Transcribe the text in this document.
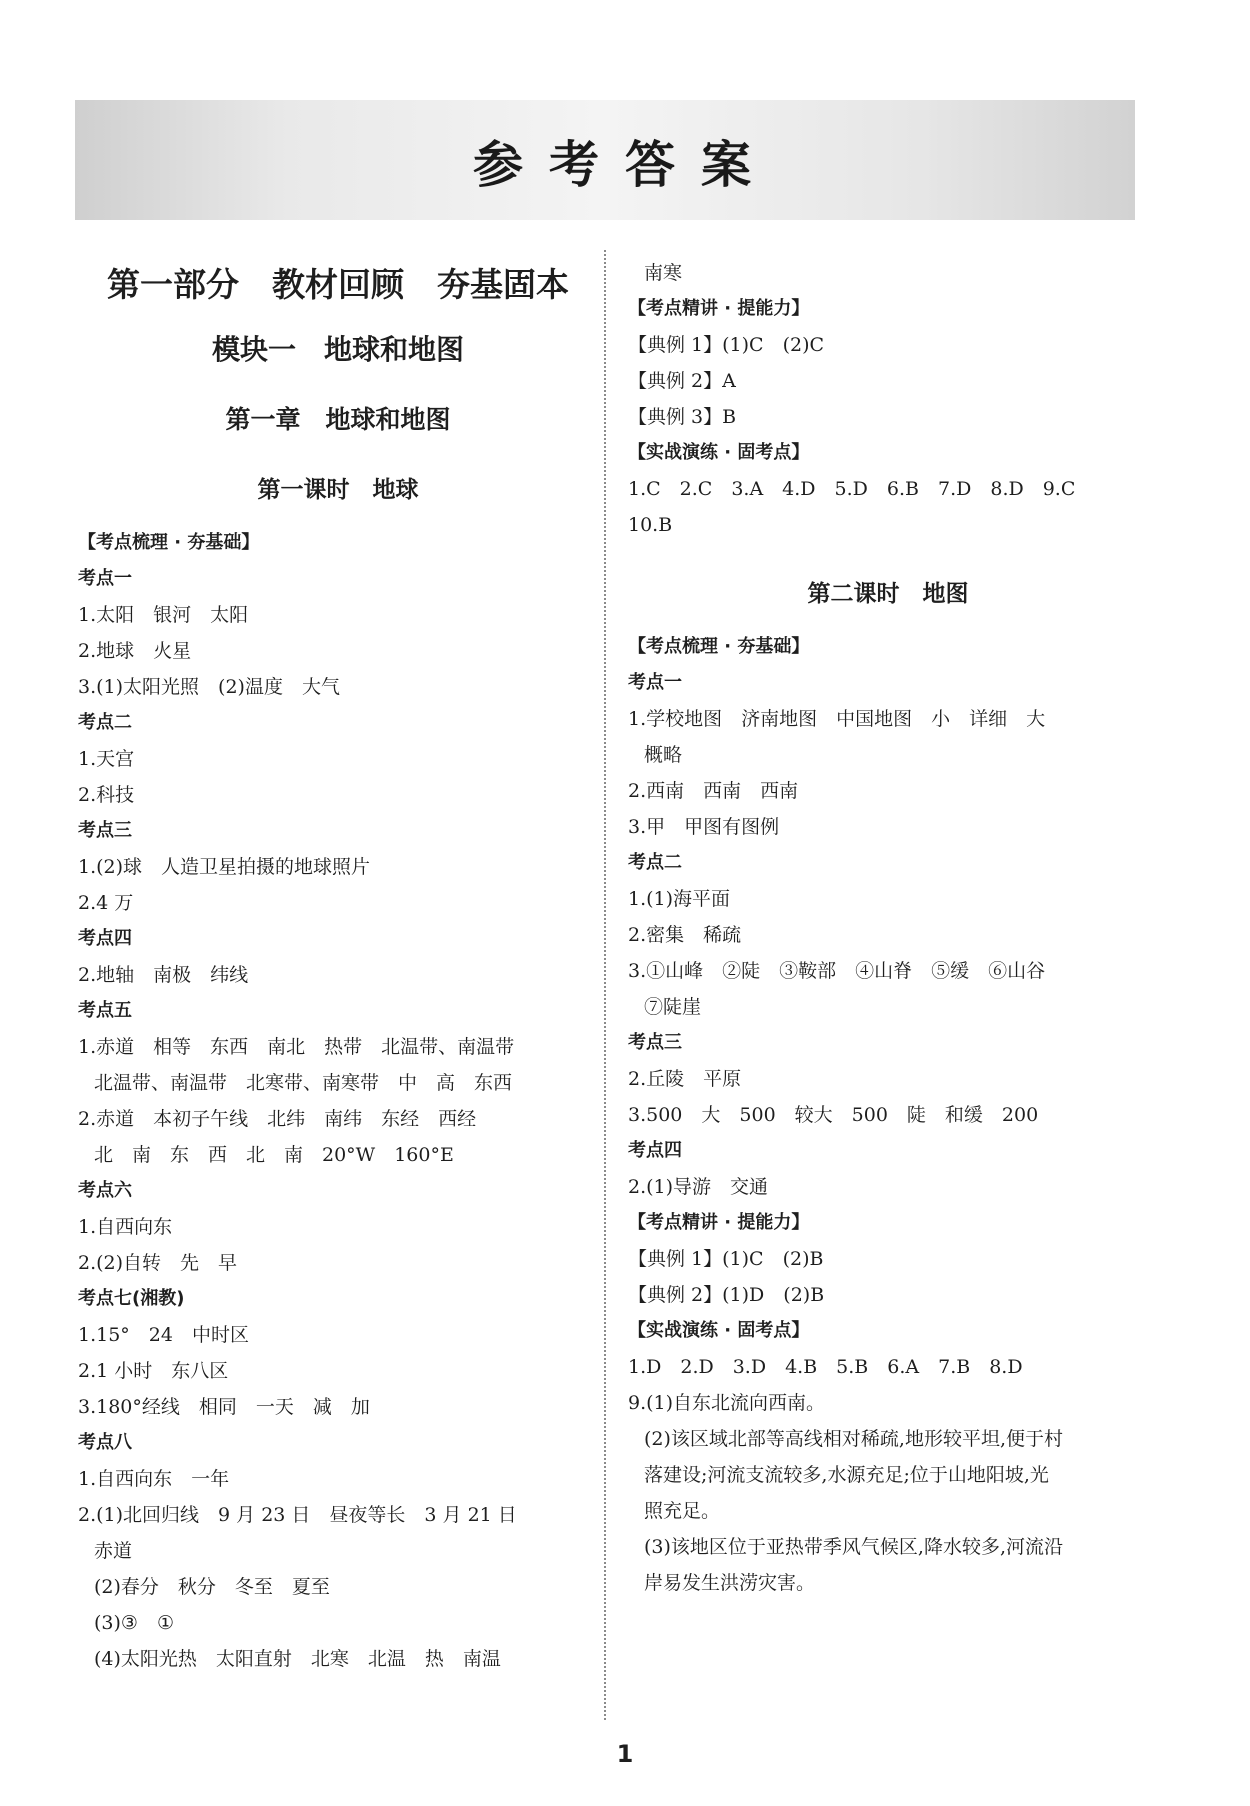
参考答案
第一部分　教材回顾　夯基固本
模块一　地球和地图
第一章　地球和地图
第一课时　地球
【考点梳理 · 夯基础】
考点一
1.太阳　银河　太阳
2.地球　火星
3.(1)太阳光照　(2)温度　大气
考点二
1.天宫
2.科技
考点三
1.(2)球　人造卫星拍摄的地球照片
2.4 万
考点四
2.地轴　南极　纬线
考点五
1.赤道　相等　东西　南北　热带　北温带、南温带
北温带、南温带　北寒带、南寒带　中　高　东西
2.赤道　本初子午线　北纬　南纬　东经　西经
北　南　东　西　北　南　20°W　160°E
考点六
1.自西向东
2.(2)自转　先　早
考点七(湘教)
1.15°　24　中时区
2.1 小时　东八区
3.180°经线　相同　一天　减　加
考点八
1.自西向东　一年
2.(1)北回归线　9 月 23 日　昼夜等长　3 月 21 日
赤道
(2)春分　秋分　冬至　夏至
(3)③　①
(4)太阳光热　太阳直射　北寒　北温　热　南温
南寒
【考点精讲 · 提能力】
【典例 1】(1)C　(2)C
【典例 2】A
【典例 3】B
【实战演练 · 固考点】
1.C　2.C　3.A　4.D　5.D　6.B　7.D　8.D　9.C
10.B
第二课时　地图
【考点梳理 · 夯基础】
考点一
1.学校地图　济南地图　中国地图　小　详细　大
概略
2.西南　西南　西南
3.甲　甲图有图例
考点二
1.(1)海平面
2.密集　稀疏
3.①山峰　②陡　③鞍部　④山脊　⑤缓　⑥山谷
⑦陡崖
考点三
2.丘陵　平原
3.500　大　500　较大　500　陡　和缓　200
考点四
2.(1)导游　交通
【考点精讲 · 提能力】
【典例 1】(1)C　(2)B
【典例 2】(1)D　(2)B
【实战演练 · 固考点】
1.D　2.D　3.D　4.B　5.B　6.A　7.B　8.D
9.(1)自东北流向西南。
(2)该区域北部等高线相对稀疏,地形较平坦,便于村
落建设;河流支流较多,水源充足;位于山地阳坡,光
照充足。
(3)该地区位于亚热带季风气候区,降水较多,河流沿
岸易发生洪涝灾害。
1
